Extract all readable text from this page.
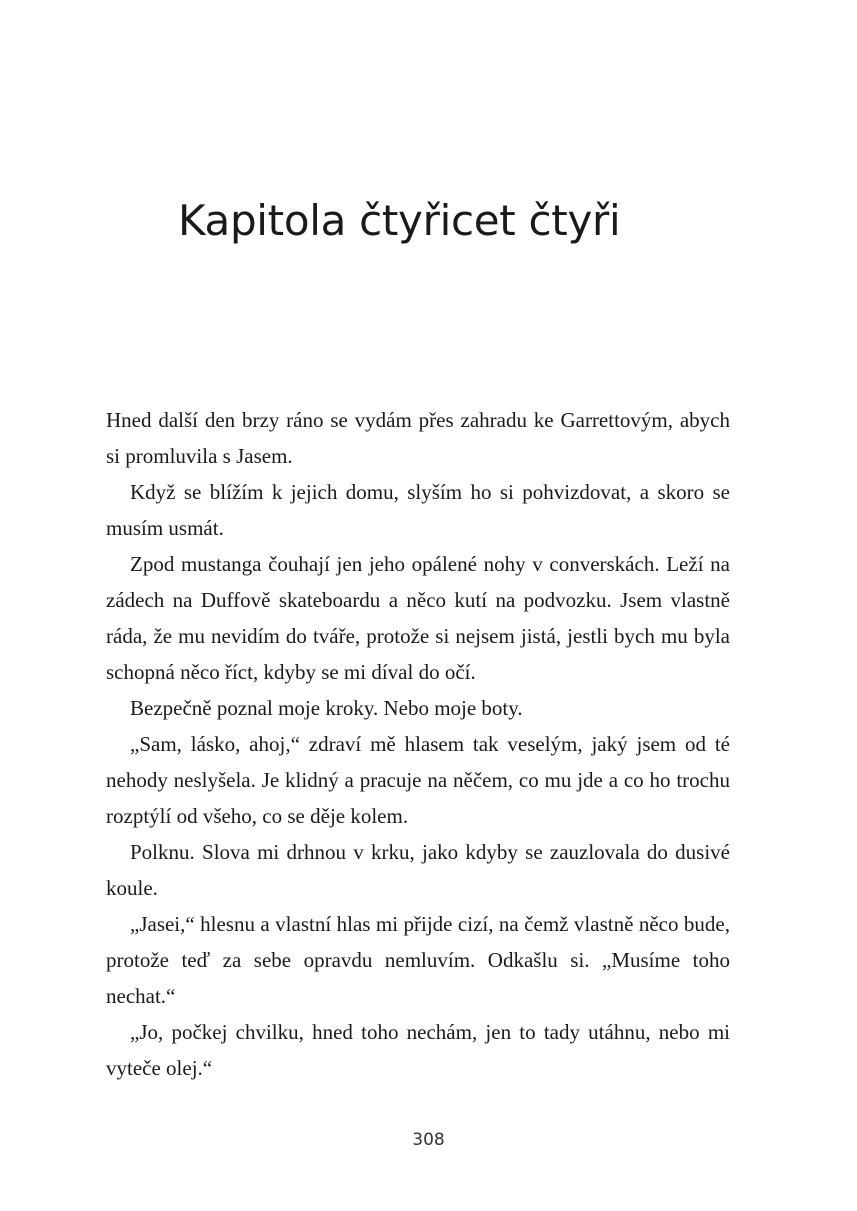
Kapitola čtyřicet čtyři

Hned další den brzy ráno se vydám přes zahradu ke Garrettovým, abych si promluvila s Jasem.

Když se blížím k jejich domu, slyším ho si pohvizdovat, a skoro se musím usmát.

Zpod mustanga čouhají jen jeho opálené nohy v converskách. Leží na zádech na Duffově skateboardu a něco kutí na podvozku. Jsem vlastně ráda, že mu nevidím do tváře, protože si nejsem jistá, jestli bych mu byla schopná něco říct, kdyby se mi díval do očí.

Bezpečně poznal moje kroky. Nebo moje boty.

„Sam, lásko, ahoj,“ zdraví mě hlasem tak veselým, jaký jsem od té nehody neslyšela. Je klidný a pracuje na něčem, co mu jde a co ho trochu rozptýlí od všeho, co se děje kolem.

Polknu. Slova mi drhnou v krku, jako kdyby se zauzlovala do dusivé koule.

„Jasei,“ hlesnu a vlastní hlas mi přijde cizí, na čemž vlastně něco bude, protože teď za sebe opravdu nemluvím. Odkašlu si. „Musíme toho nechat.“

„Jo, počkej chvilku, hned toho nechám, jen to tady utáhnu, nebo mi vyteče olej.“

308
